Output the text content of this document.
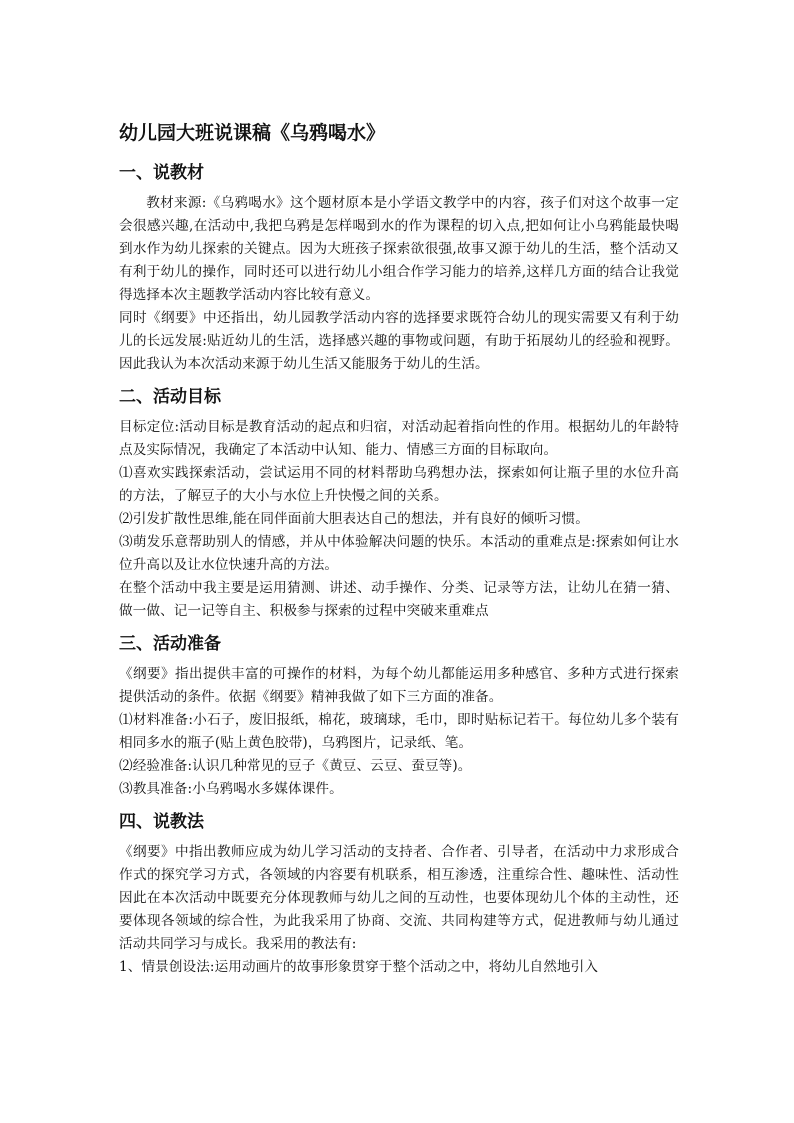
幼儿园大班说课稿《乌鸦喝水》
一、说教材

教材来源:《乌鸦喝水》这个题材原本是小学语文教学中的内容，孩子们对这个故事一定会很感兴趣,在活动中,我把乌鸦是怎样喝到水的作为课程的切入点,把如何让小乌鸦能最快喝到水作为幼儿探索的关键点。因为大班孩子探索欲很强,故事又源于幼儿的生活，整个活动又有利于幼儿的操作，同时还可以进行幼儿小组合作学习能力的培养,这样几方面的结合让我觉得选择本次主题教学活动内容比较有意义。

同时《纲要》中还指出，幼儿园教学活动内容的选择要求既符合幼儿的现实需要又有利于幼儿的长远发展:贴近幼儿的生活，选择感兴趣的事物或问题，有助于拓展幼儿的经验和视野。因此我认为本次活动来源于幼儿生活又能服务于幼儿的生活。

二、活动目标

目标定位:活动目标是教育活动的起点和归宿，对活动起着指向性的作用。根据幼儿的年龄特点及实际情况，我确定了本活动中认知、能力、情感三方面的目标取向。

⑴喜欢实践探索活动，尝试运用不同的材料帮助乌鸦想办法，探索如何让瓶子里的水位升高的方法，了解豆子的大小与水位上升快慢之间的关系。

⑵引发扩散性思维,能在同伴面前大胆表达自己的想法，并有良好的倾听习惯。

⑶萌发乐意帮助别人的情感，并从中体验解决问题的快乐。本活动的重难点是:探索如何让水位升高以及让水位快速升高的方法。

在整个活动中我主要是运用猜测、讲述、动手操作、分类、记录等方法，让幼儿在猜一猜、做一做、记一记等自主、积极参与探索的过程中突破来重难点

三、活动准备

《纲要》指出提供丰富的可操作的材料，为每个幼儿都能运用多种感官、多种方式进行探索提供活动的条件。依据《纲要》精神我做了如下三方面的准备。

⑴材料准备:小石子，废旧报纸，棉花，玻璃球，毛巾，即时贴标记若干。每位幼儿多个装有相同多水的瓶子(贴上黄色胶带)，乌鸦图片，记录纸、笔。

⑵经验准备:认识几种常见的豆子《黄豆、云豆、蚕豆等)。

⑶教具准备:小乌鸦喝水多媒体课件。

四、说教法

《纲要》中指出教师应成为幼儿学习活动的支持者、合作者、引导者，在活动中力求形成合作式的探究学习方式，各领域的内容要有机联系，相互渗透，注重综合性、趣味性、活动性因此在本次活动中既要充分体现教师与幼儿之间的互动性，也要体现幼儿个体的主动性，还要体现各领域的综合性，为此我采用了协商、交流、共同构建等方式，促进教师与幼儿通过活动共同学习与成长。我采用的教法有:

1、情景创设法:运用动画片的故事形象贯穿于整个活动之中，将幼儿自然地引入
